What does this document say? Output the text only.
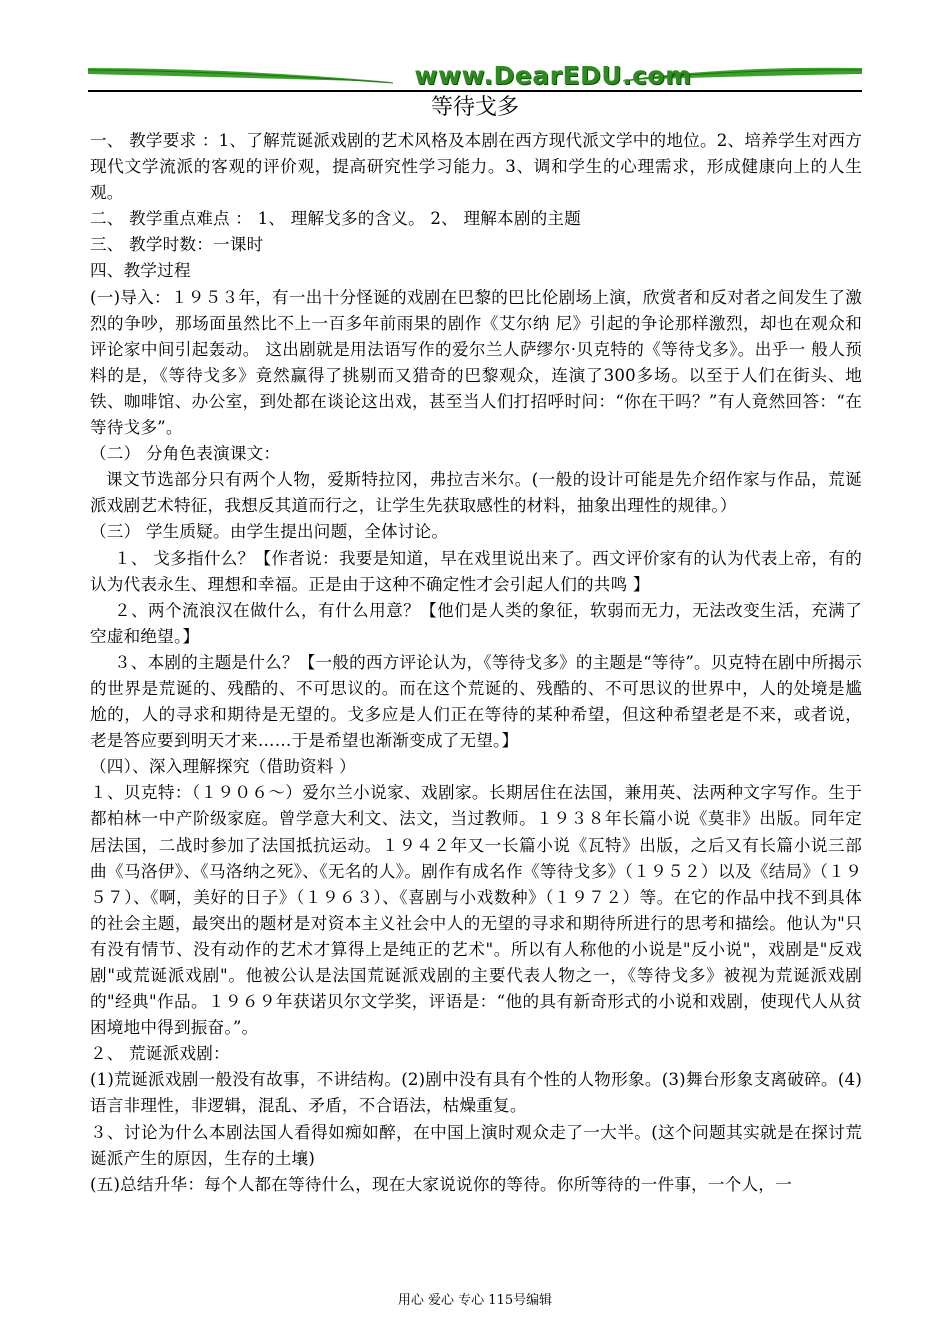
www.DearEDU.com
等待戈多

一、 教学要求 ：1、了解荒诞派戏剧的艺术风格及本剧在西方现代派文学中的地位。2、培养学生对西方现代文学流派的客观的评价观，提高研究性学习能力。3、调和学生的心理需求，形成健康向上的人生观。

二、 教学重点难点 ： 1、 理解戈多的含义。 2、 理解本剧的主题

三、 教学时数：一课时

四、教学过程

(一)导入：１９５３年，有一出十分怪诞的戏剧在巴黎的巴比伦剧场上演，欣赏者和反对者之间发生了激烈的争吵，那场面虽然比不上一百多年前雨果的剧作《艾尔纳 尼》引起的争论那样激烈，却也在观众和评论家中间引起轰动。 这出剧就是用法语写作的爱尔兰人萨缪尔·贝克特的《等待戈多》。出乎一 般人预料的是，《等待戈多》竟然赢得了挑剔而又猎奇的巴黎观众，连演了300多场。以至于人们在街头、地铁、咖啡馆、办公室，到处都在谈论这出戏，甚至当人们打招呼时问：“你在干吗？”有人竟然回答：“在等待戈多”。

（二） 分角色表演课文：

课文节选部分只有两个人物，爱斯特拉冈，弗拉吉米尔。(一般的设计可能是先介绍作家与作品，荒诞派戏剧艺术特征，我想反其道而行之，让学生先获取感性的材料，抽象出理性的规律。）

（三） 学生质疑。由学生提出问题，全体讨论。

１、 戈多指什么？【作者说：我要是知道，早在戏里说出来了。西文评价家有的认为代表上帝，有的认为代表永生、理想和幸福。正是由于这种不确定性才会引起人们的共鸣 】

２、两个流浪汉在做什么，有什么用意？【他们是人类的象征，软弱而无力，无法改变生活，充满了空虚和绝望。】

３、本剧的主题是什么？【一般的西方评论认为，《等待戈多》的主题是“等待”。贝克特在剧中所揭示的世界是荒诞的、残酷的、不可思议的。而在这个荒诞的、残酷的、不可思议的世界中，人的处境是尴尬的，人的寻求和期待是无望的。戈多应是人们正在等待的某种希望，但这种希望老是不来，或者说，老是答应要到明天才来……于是希望也渐渐变成了无望。】

（四）、深入理解探究（借助资料 ）

１、贝克特：（１９０６～）爱尔兰小说家、戏剧家。长期居住在法国，兼用英、法两种文字写作。生于都柏林一中产阶级家庭。曾学意大利文、法文，当过教师。１９３８年长篇小说《莫非》出版。同年定居法国，二战时参加了法国抵抗运动。１９４２年又一长篇小说《瓦特》出版，之后又有长篇小说三部曲《马洛伊》、《马洛纳之死》、《无名的人》。剧作有成名作《等待戈多》（１９５２）以及《结局》（１９５７）、《啊，美好的日子》（１９６３）、《喜剧与小戏数种》（１９７２）等。在它的作品中找不到具体的社会主题，最突出的题材是对资本主义社会中人的无望的寻求和期待所进行的思考和描绘。他认为"只有没有情节、没有动作的艺术才算得上是纯正的艺术"。所以有人称他的小说是"反小说"，戏剧是"反戏剧"或荒诞派戏剧"。他被公认是法国荒诞派戏剧的主要代表人物之一，《等待戈多》被视为荒诞派戏剧的"经典"作品。１９６９年获诺贝尔文学奖，评语是：“他的具有新奇形式的小说和戏剧，使现代人从贫困境地中得到振奋。”。

２、 荒诞派戏剧：

(1)荒诞派戏剧一般没有故事，不讲结构。(2)剧中没有具有个性的人物形象。(3)舞台形象支离破碎。(4)语言非理性，非逻辑，混乱、矛盾，不合语法，枯燥重复。

３、讨论为什么本剧法国人看得如痴如醉，在中国上演时观众走了一大半。(这个问题其实就是在探讨荒诞派产生的原因，生存的土壤)

(五)总结升华：每个人都在等待什么，现在大家说说你的等待。你所等待的一件事，一个人，一

用心 爱心 专心 115号编辑
